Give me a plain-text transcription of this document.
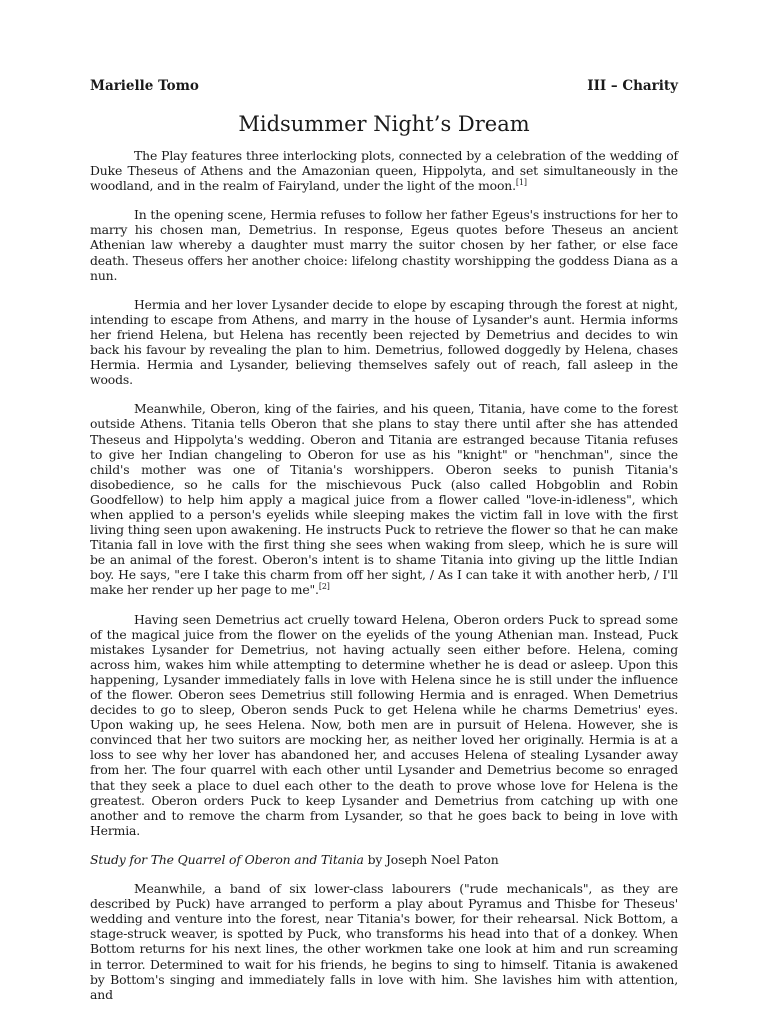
Marielle Tomo	III – Charity
Midsummer Night’s Dream

The Play features three interlocking plots, connected by a celebration of the wedding of Duke Theseus of Athens and the Amazonian queen, Hippolyta, and set simultaneously in the woodland, and in the realm of Fairyland, under the light of the moon.[1]

In the opening scene, Hermia refuses to follow her father Egeus's instructions for her to marry his chosen man, Demetrius. In response, Egeus quotes before Theseus an ancient Athenian law whereby a daughter must marry the suitor chosen by her father, or else face death. Theseus offers her another choice: lifelong chastity worshipping the goddess Diana as a nun.

Hermia and her lover Lysander decide to elope by escaping through the forest at night, intending to escape from Athens, and marry in the house of Lysander's aunt. Hermia informs her friend Helena, but Helena has recently been rejected by Demetrius and decides to win back his favour by revealing the plan to him. Demetrius, followed doggedly by Helena, chases Hermia. Hermia and Lysander, believing themselves safely out of reach, fall asleep in the woods.

Meanwhile, Oberon, king of the fairies, and his queen, Titania, have come to the forest outside Athens. Titania tells Oberon that she plans to stay there until after she has attended Theseus and Hippolyta's wedding. Oberon and Titania are estranged because Titania refuses to give her Indian changeling to Oberon for use as his "knight" or "henchman", since the child's mother was one of Titania's worshippers. Oberon seeks to punish Titania's disobedience, so he calls for the mischievous Puck (also called Hobgoblin and Robin Goodfellow) to help him apply a magical juice from a flower called "love-in-idleness", which when applied to a person's eyelids while sleeping makes the victim fall in love with the first living thing seen upon awakening. He instructs Puck to retrieve the flower so that he can make Titania fall in love with the first thing she sees when waking from sleep, which he is sure will be an animal of the forest. Oberon's intent is to shame Titania into giving up the little Indian boy. He says, "ere I take this charm from off her sight, / As I can take it with another herb, / I'll make her render up her page to me".[2]

Having seen Demetrius act cruelly toward Helena, Oberon orders Puck to spread some of the magical juice from the flower on the eyelids of the young Athenian man. Instead, Puck mistakes Lysander for Demetrius, not having actually seen either before. Helena, coming across him, wakes him while attempting to determine whether he is dead or asleep. Upon this happening, Lysander immediately falls in love with Helena since he is still under the influence of the flower. Oberon sees Demetrius still following Hermia and is enraged. When Demetrius decides to go to sleep, Oberon sends Puck to get Helena while he charms Demetrius' eyes. Upon waking up, he sees Helena. Now, both men are in pursuit of Helena. However, she is convinced that her two suitors are mocking her, as neither loved her originally. Hermia is at a loss to see why her lover has abandoned her, and accuses Helena of stealing Lysander away from her. The four quarrel with each other until Lysander and Demetrius become so enraged that they seek a place to duel each other to the death to prove whose love for Helena is the greatest. Oberon orders Puck to keep Lysander and Demetrius from catching up with one another and to remove the charm from Lysander, so that he goes back to being in love with Hermia.

Study for The Quarrel of Oberon and Titania by Joseph Noel Paton

Meanwhile, a band of six lower-class labourers ("rude mechanicals", as they are described by Puck) have arranged to perform a play about Pyramus and Thisbe for Theseus' wedding and venture into the forest, near Titania's bower, for their rehearsal. Nick Bottom, a stage-struck weaver, is spotted by Puck, who transforms his head into that of a donkey. When Bottom returns for his next lines, the other workmen take one look at him and run screaming in terror. Determined to wait for his friends, he begins to sing to himself. Titania is awakened by Bottom's singing and immediately falls in love with him. She lavishes him with attention, and
